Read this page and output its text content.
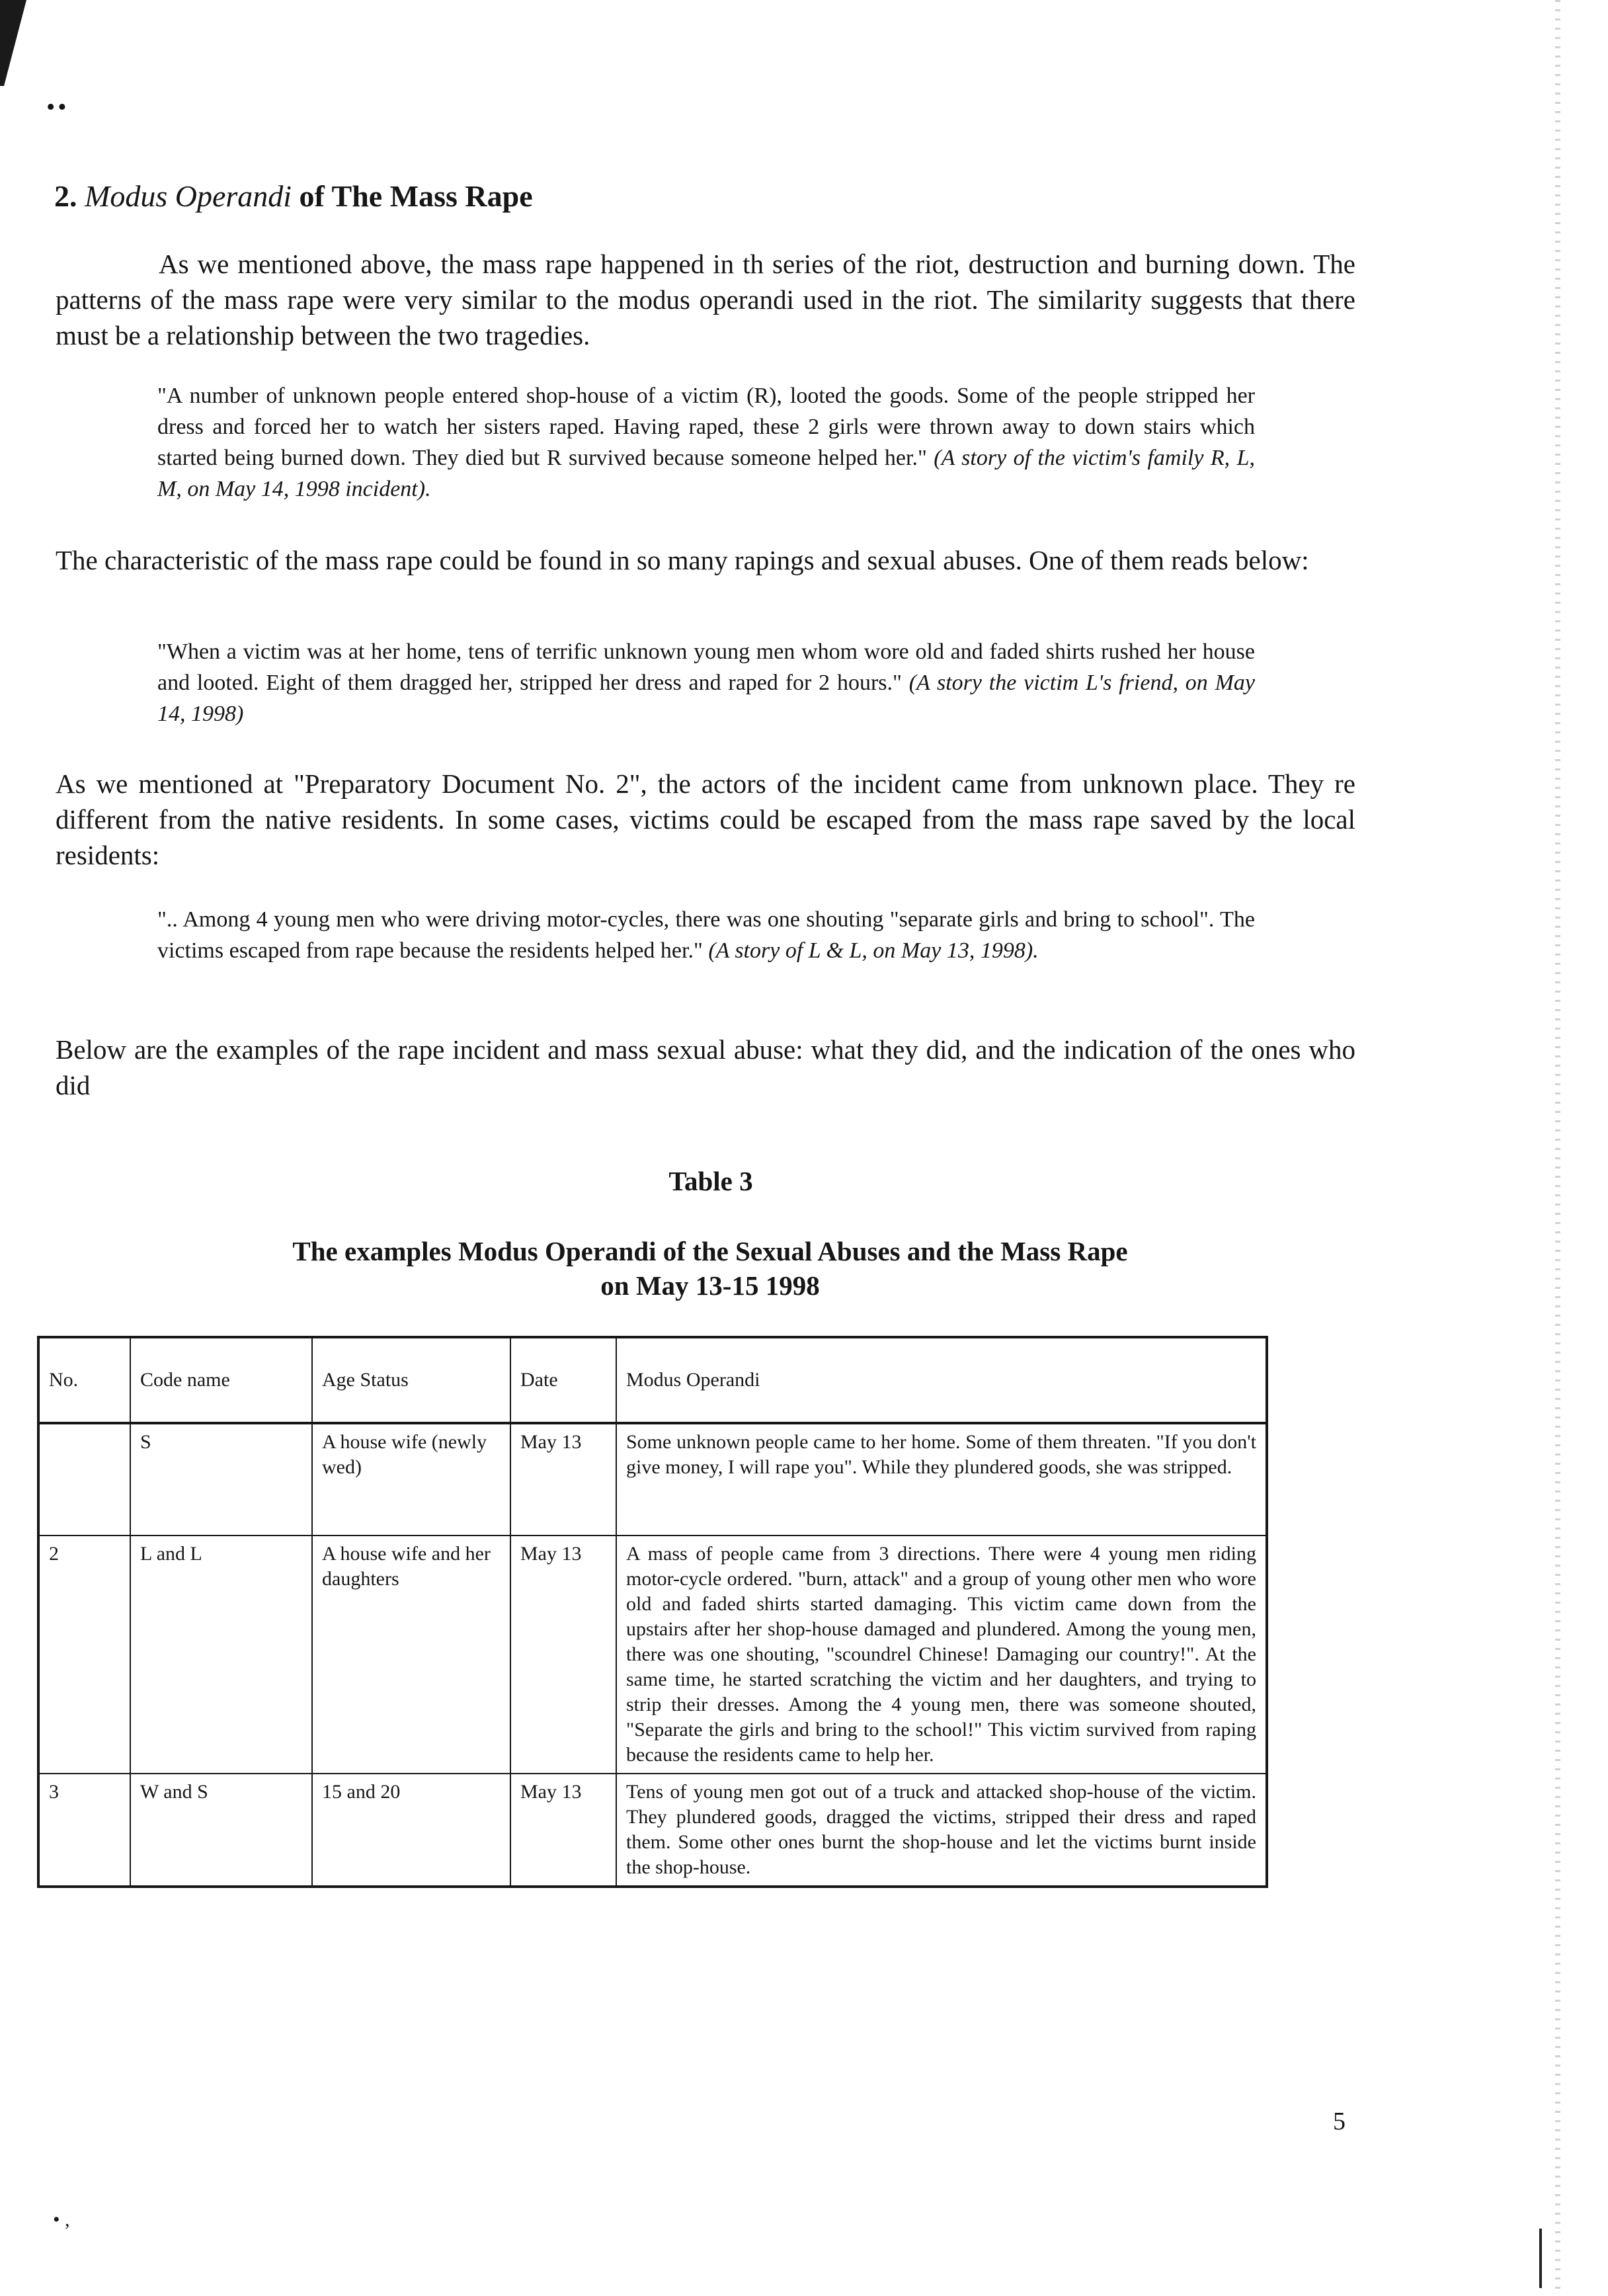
••
• ,
2. Modus Operandi of The Mass Rape

As we mentioned above, the mass rape happened in th series of the riot, destruction and burning down. The patterns of the mass rape were very similar to the modus operandi used in the riot. The similarity suggests that there must be a relationship between the two tragedies.

"A number of unknown people entered shop-house of a victim (R), looted the goods. Some of the people stripped her dress and forced her to watch her sisters raped. Having raped, these 2 girls were thrown away to down stairs which started being burned down. They died but R survived because someone helped her." (A story of the victim's family R, L, M, on May 14, 1998 incident).

The characteristic of the mass rape could be found in so many rapings and sexual abuses. One of them reads below:

"When a victim was at her home, tens of terrific unknown young men whom wore old and faded shirts rushed her house and looted. Eight of them dragged her, stripped her dress and raped for 2 hours." (A story the victim L's friend, on May 14, 1998)

As we mentioned at "Preparatory Document No. 2", the actors of the incident came from unknown place. They re different from the native residents. In some cases, victims could be escaped from the mass rape saved by the local residents:

".. Among 4 young men who were driving motor-cycles, there was one shouting "separate girls and bring to school". The victims escaped from rape because the residents helped her." (A story of L & L, on May 13, 1998).

Below are the examples of the rape incident and mass sexual abuse: what they did, and the indication of the ones who did

Table 3
The examples Modus Operandi of the Sexual Abuses and the Mass Rape
on May 13-15 1998
No.	Code name	Age Status	Date	Modus Operandi
	S	A house wife (newly wed)	May 13	Some unknown people came to her home. Some of them threaten. "If you don't give money, I will rape you". While they plundered goods, she was stripped.
2	L and L	A house wife and her daughters	May 13	A mass of people came from 3 directions. There were 4 young men riding motor-cycle ordered. "burn, attack" and a group of young other men who wore old and faded shirts started damaging. This victim came down from the upstairs after her shop-house damaged and plundered. Among the young men, there was one shouting, "scoundrel Chinese! Damaging our country!". At the same time, he started scratching the victim and her daughters, and trying to strip their dresses. Among the 4 young men, there was someone shouted, "Separate the girls and bring to the school!" This victim survived from raping because the residents came to help her.
3	W and S	15 and 20	May 13	Tens of young men got out of a truck and attacked shop-house of the victim. They plundered goods, dragged the victims, stripped their dress and raped them. Some other ones burnt the shop-house and let the victims burnt inside the shop-house.
5
